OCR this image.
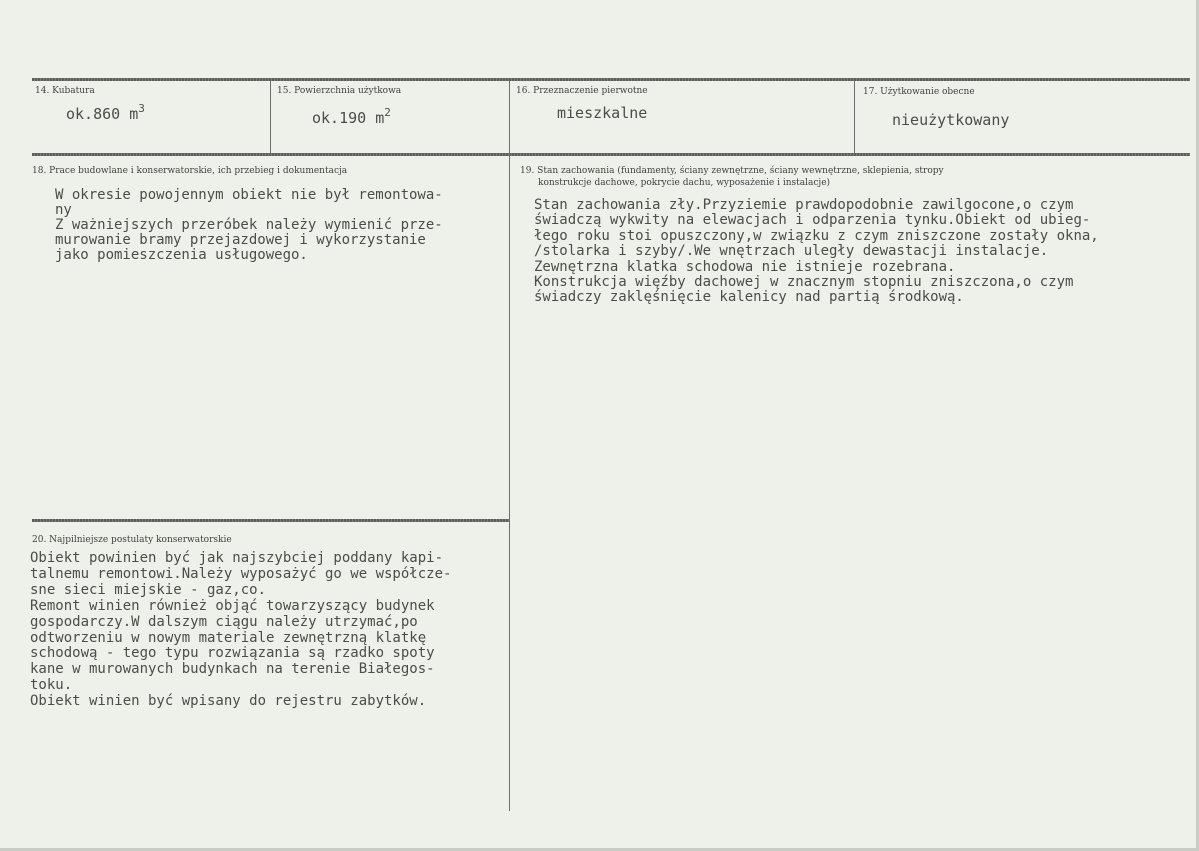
14. Kubatura
ok.860 $m^3$
15. Powierzchnia użytkowa
ok.190 $m^2$
16. Przeznaczenie pierwotne
mieszkalne
17. Użytkowanie obecne
nieużytkowany
18. Prace budowlane i konserwatorskie, ich przebieg i dokumentacja
W okresie powojennym obiekt nie był remontowa-
ny
Z ważniejszych przeróbek należy wymienić prze-
murowanie bramy przejazdowej i wykorzystanie
jako pomieszczenia usługowego.
19. Stan zachowania (fundamenty, ściany zewnętrzne, ściany wewnętrzne, sklepienia, stropy
konstrukcje dachowe, pokrycie dachu, wyposażenie i instalacje)
Stan zachowania zły.Przyziemie prawdopodobnie zawilgocone,o czym
świadczą wykwity na elewacjach i odparzenia tynku.Obiekt od ubieg-
łego roku stoi opuszczony,w związku z czym zniszczone zostały okna,
/stolarka i szyby/.We wnętrzach uległy dewastacji instalacje.
Zewnętrzna klatka schodowa nie istnieje rozebrana.
Konstrukcja więźby dachowej w znacznym stopniu zniszczona,o czym
świadczy zaklęśnięcie kalenicy nad partią środkową.
20. Najpilniejsze postulaty konserwatorskie
Obiekt powinien być jak najszybciej poddany kapi-
talnemu remontowi.Należy wyposażyć go we współcze-
sne sieci miejskie - gaz,co.
Remont winien również objąć towarzyszący budynek
gospodarczy.W dalszym ciągu należy utrzymać,po
odtworzeniu w nowym materiale zewnętrzną klatkę
schodową - tego typu rozwiązania są rzadko spoty
kane w murowanych budynkach na terenie Białegos-
toku.
Obiekt winien być wpisany do rejestru zabytków.
